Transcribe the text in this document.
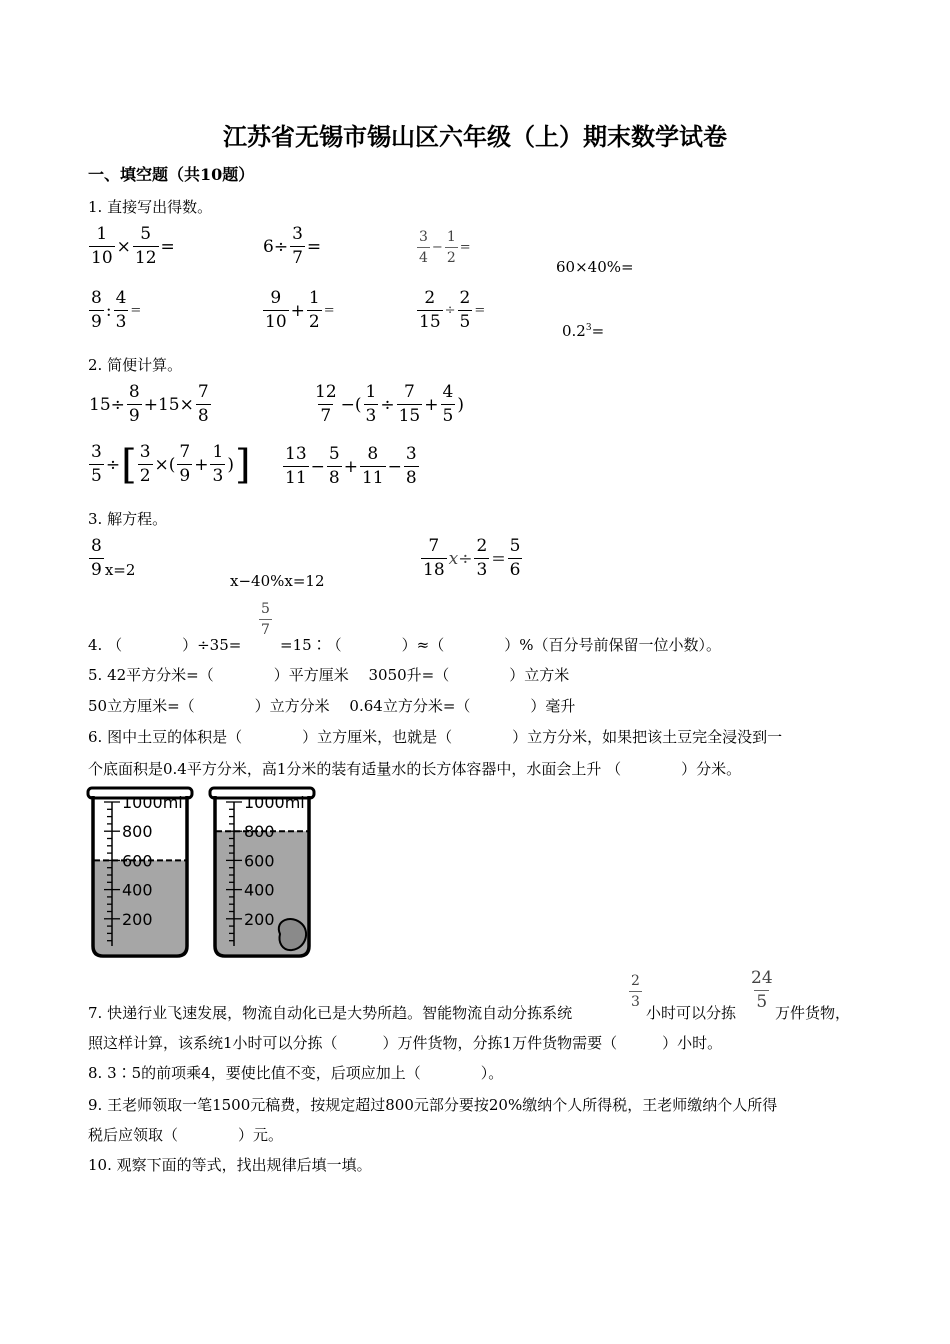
江苏省无锡市锡山区六年级（上）期末数学试卷
一、填空题（共10题）
1. 直接写出得数。
$\frac{1}{10} \times \frac{5}{12}$ =	$6\div \frac{3}{7}$ =	$\frac{3}{4} - \frac{1}{2}$ =
60×40%=
$\frac{8}{9}$ : $\frac{4}{3}$ =	$\frac{9}{10} + \frac{1}{2}$ =	$\frac{2}{15} \div \frac{2}{5}$ =
$0.2^3=$
2. 简便计算。
$15\div \frac{8}{9} +15\times \frac{7}{8}$	$\frac{12}{7}$ −( $\frac{1}{3} \div \frac{7}{15} + \frac{4}{5}$ )
$\frac{3}{5}$ ÷ [ $\frac{3}{2}$ ×( $\frac{7}{9} + \frac{1}{3}$ ) ] $\frac{13}{11} - \frac{5}{8} + \frac{8}{11} - \frac{3}{8}$
3. 解方程。
$\frac{8}{9} x=2$
x−40%x=12
$\frac{7}{18} x\div \frac{2}{3} = \frac{5}{6}$
4. （　　　　）÷35=
$\frac{5}{7}$
=15∶（　　　　）≈（　　　　）%（百分号前保留一位小数）。
5. 42平方分米=（　　　　）平方厘米　 3050升=（　　　　）立方米
50立方厘米=（　　　　）立方分米　 0.64立方分米=（　　　　）毫升
6. 图中土豆的体积是（　　　　）立方厘米，也就是（　　　　）立方分米，如果把该土豆完全浸没到一
个底面积是0.4平方分米，高1分米的装有适量水的长方体容器中，水面会上升 （　　　　）分米。
1000ml
800
600
400
200
1000ml
800
600
400
200
$\frac{2}{3}$	$\frac{24}{5}$
7. 快递行业飞速发展，物流自动化已是大势所趋。智能物流自动分拣系统	小时可以分拣	万件货物，
照这样计算，该系统1小时可以分拣（　　　）万件货物，分拣1万件货物需要（　　　）小时。
8. 3∶5的前项乘4，要使比值不变，后项应加上（　　　　）。
9. 王老师领取一笔1500元稿费，按规定超过800元部分要按20%缴纳个人所得税，王老师缴纳个人所得
税后应领取（　　　　）元。
10. 观察下面的等式，找出规律后填一填。
